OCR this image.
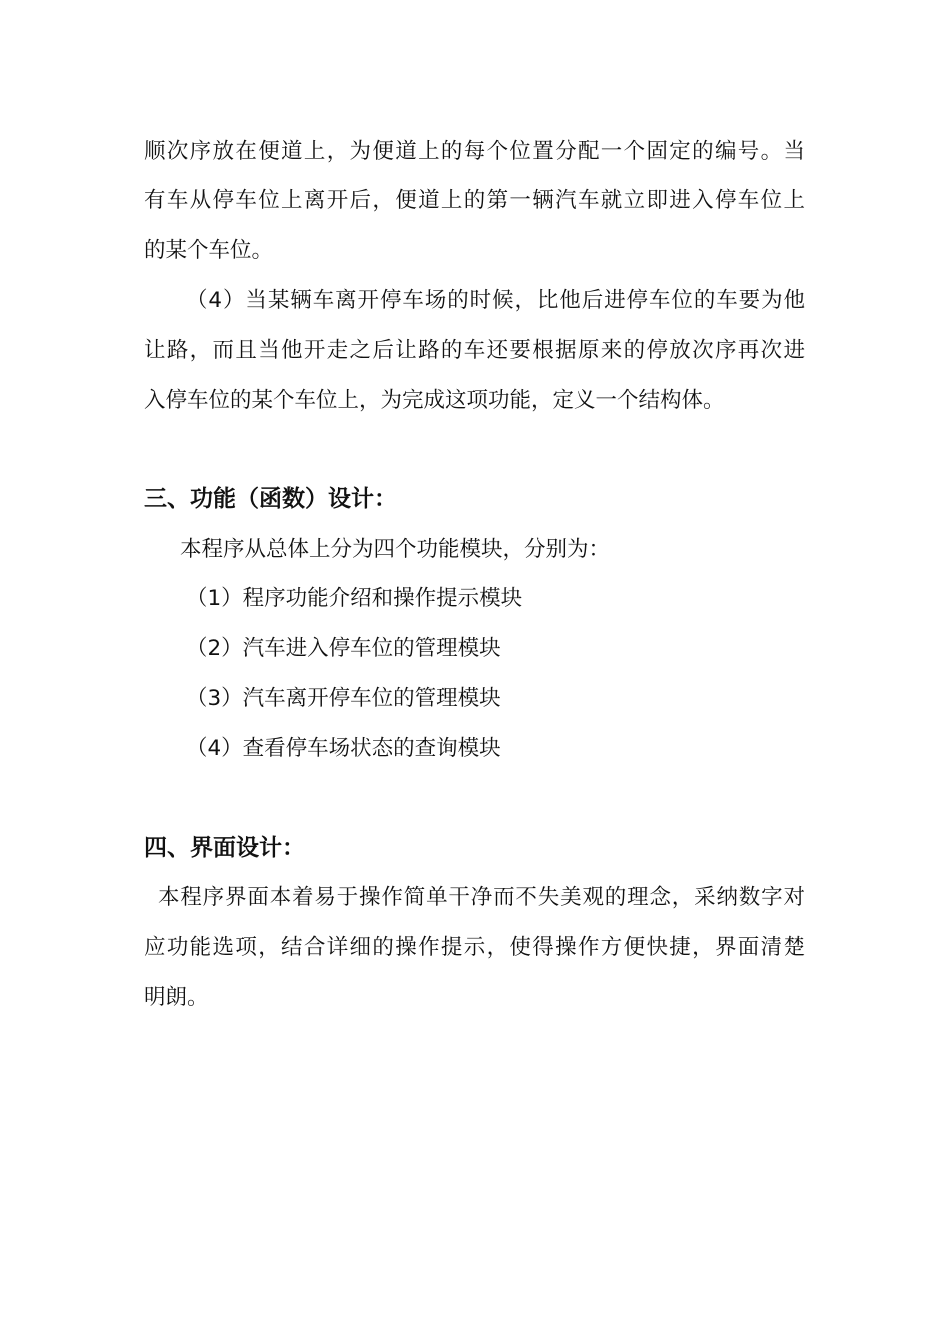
顺次序放在便道上，为便道上的每个位置分配一个固定的编号。当
有车从停车位上离开后，便道上的第一辆汽车就立即进入停车位上
的某个车位。
（4）当某辆车离开停车场的时候，比他后进停车位的车要为他
让路，而且当他开走之后让路的车还要根据原来的停放次序再次进
入停车位的某个车位上，为完成这项功能，定义一个结构体。
三、功能（函数）设计：
本程序从总体上分为四个功能模块，分别为：
（1）程序功能介绍和操作提示模块
（2）汽车进入停车位的管理模块
（3）汽车离开停车位的管理模块
（4）查看停车场状态的查询模块
四、界面设计：
本程序界面本着易于操作简单干净而不失美观的理念，采纳数字对
应功能选项，结合详细的操作提示，使得操作方便快捷，界面清楚
明朗。
